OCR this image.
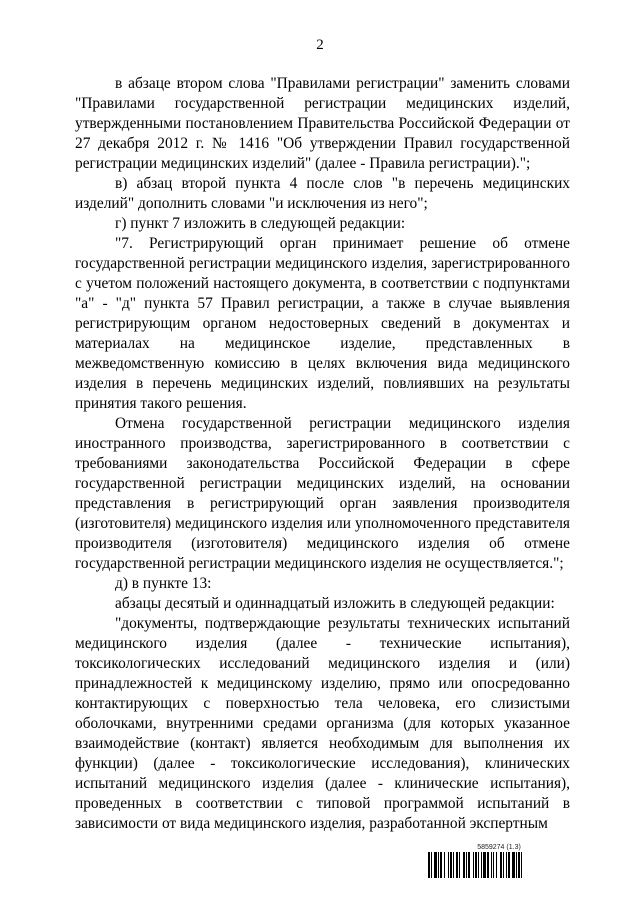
2

в абзаце втором слова "Правилами регистрации" заменить словами "Правилами государственной регистрации медицинских изделий, утвержденными постановлением Правительства Российской Федерации от 27 декабря 2012 г. № 1416 "Об утверждении Правил государственной регистрации медицинских изделий" (далее - Правила регистрации).";

в) абзац второй пункта 4 после слов "в перечень медицинских изделий" дополнить словами "и исключения из него";

г) пункт 7 изложить в следующей редакции:

"7. Регистрирующий орган принимает решение об отмене государственной регистрации медицинского изделия, зарегистрированного с учетом положений настоящего документа, в соответствии с подпунктами "а" - "д" пункта 57 Правил регистрации, а также в случае выявления регистрирующим органом недостоверных сведений в документах и материалах на медицинское изделие, представленных в межведомственную комиссию в целях включения вида медицинского изделия в перечень медицинских изделий, повлиявших на результаты принятия такого решения.

Отмена государственной регистрации медицинского изделия иностранного производства, зарегистрированного в соответствии с требованиями законодательства Российской Федерации в сфере государственной регистрации медицинских изделий, на основании представления в регистрирующий орган заявления производителя (изготовителя) медицинского изделия или уполномоченного представителя производителя (изготовителя) медицинского изделия об отмене государственной регистрации медицинского изделия не осуществляется.";

д) в пункте 13:

абзацы десятый и одиннадцатый изложить в следующей редакции:

"документы, подтверждающие результаты технических испытаний медицинского изделия (далее - технические испытания), токсикологических исследований медицинского изделия и (или) принадлежностей к медицинскому изделию, прямо или опосредованно контактирующих с поверхностью тела человека, его слизистыми оболочками, внутренними средами организма (для которых указанное взаимодействие (контакт) является необходимым для выполнения их функции) (далее - токсикологические исследования), клинических испытаний медицинского изделия (далее - клинические испытания), проведенных в соответствии с типовой программой испытаний в зависимости от вида медицинского изделия, разработанной экспертным

5859274 (1.3)
